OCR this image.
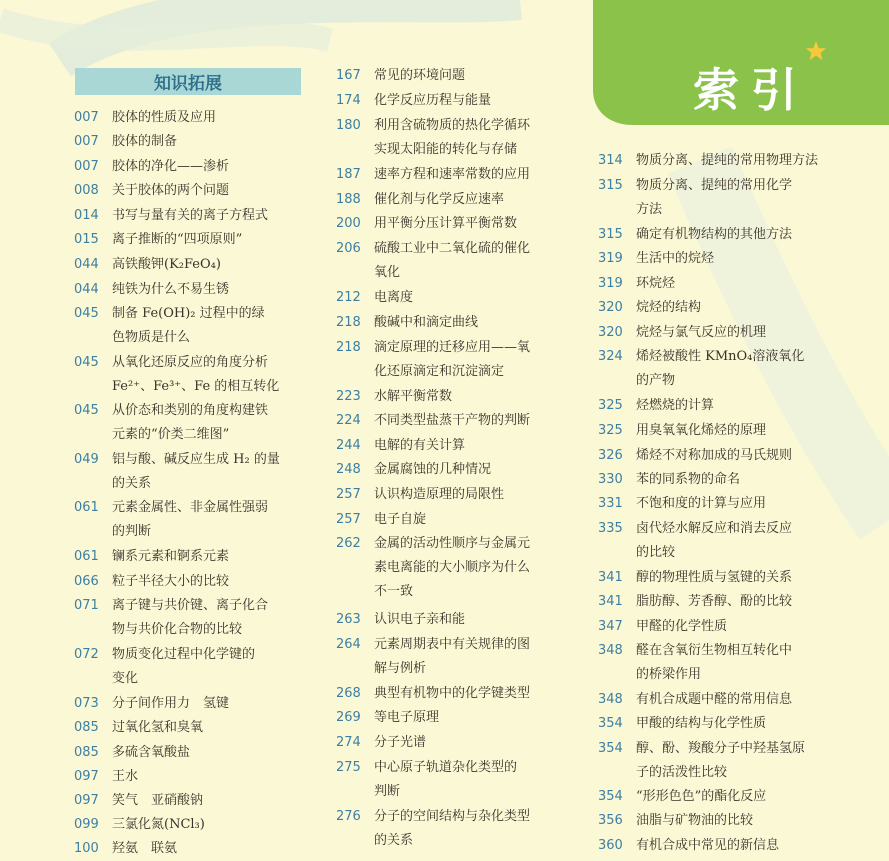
索引
知识拓展
007	胶体的性质及应用
007	胶体的制备
007	胶体的净化——渗析
008	关于胶体的两个问题
014	书写与量有关的离子方程式
015	离子推断的“四项原则”
044	高铁酸钾(K₂FeO₄)
044	纯铁为什么不易生锈
045	制备 Fe(OH)₂ 过程中的绿
色物质是什么
045	从氧化还原反应的角度分析
Fe²⁺、Fe³⁺、Fe 的相互转化
045	从价态和类别的角度构建铁
元素的“价类二维图”
049	铝与酸、碱反应生成 H₂ 的量
的关系
061	元素金属性、非金属性强弱
的判断
061	镧系元素和锕系元素
066	粒子半径大小的比较
071	离子键与共价键、离子化合
物与共价化合物的比较
072	物质变化过程中化学键的
变化
073	分子间作用力　氢键
085	过氧化氢和臭氧
085	多硫含氧酸盐
097	王水
097	笑气　亚硝酸钠
099	三氯化氮(NCl₃)
100	羟氨　联氨
167	常见的环境问题
174	化学反应历程与能量
180	利用含硫物质的热化学循环
实现太阳能的转化与存储
187	速率方程和速率常数的应用
188	催化剂与化学反应速率
200	用平衡分压计算平衡常数
206	硫酸工业中二氧化硫的催化
氧化
212	电离度
218	酸碱中和滴定曲线
218	滴定原理的迁移应用——氧
化还原滴定和沉淀滴定
223	水解平衡常数
224	不同类型盐蒸干产物的判断
244	电解的有关计算
248	金属腐蚀的几种情况
257	认识构造原理的局限性
257	电子自旋
262	金属的活动性顺序与金属元
素电离能的大小顺序为什么
不一致
263	认识电子亲和能
264	元素周期表中有关规律的图
解与例析
268	典型有机物中的化学键类型
269	等电子原理
274	分子光谱
275	中心原子轨道杂化类型的
判断
276	分子的空间结构与杂化类型
的关系
314	物质分离、提纯的常用物理方法
315	物质分离、提纯的常用化学
方法
315	确定有机物结构的其他方法
319	生活中的烷烃
319	环烷烃
320	烷烃的结构
320	烷烃与氯气反应的机理
324	烯烃被酸性 KMnO₄溶液氧化
的产物
325	烃燃烧的计算
325	用臭氧氧化烯烃的原理
326	烯烃不对称加成的马氏规则
330	苯的同系物的命名
331	不饱和度的计算与应用
335	卤代烃水解反应和消去反应
的比较
341	醇的物理性质与氢键的关系
341	脂肪醇、芳香醇、酚的比较
347	甲醛的化学性质
348	醛在含氧衍生物相互转化中
的桥梁作用
348	有机合成题中醛的常用信息
354	甲酸的结构与化学性质
354	醇、酚、羧酸分子中羟基氢原
子的活泼性比较
354	“形形色色”的酯化反应
356	油脂与矿物油的比较
360	有机合成中常见的新信息
